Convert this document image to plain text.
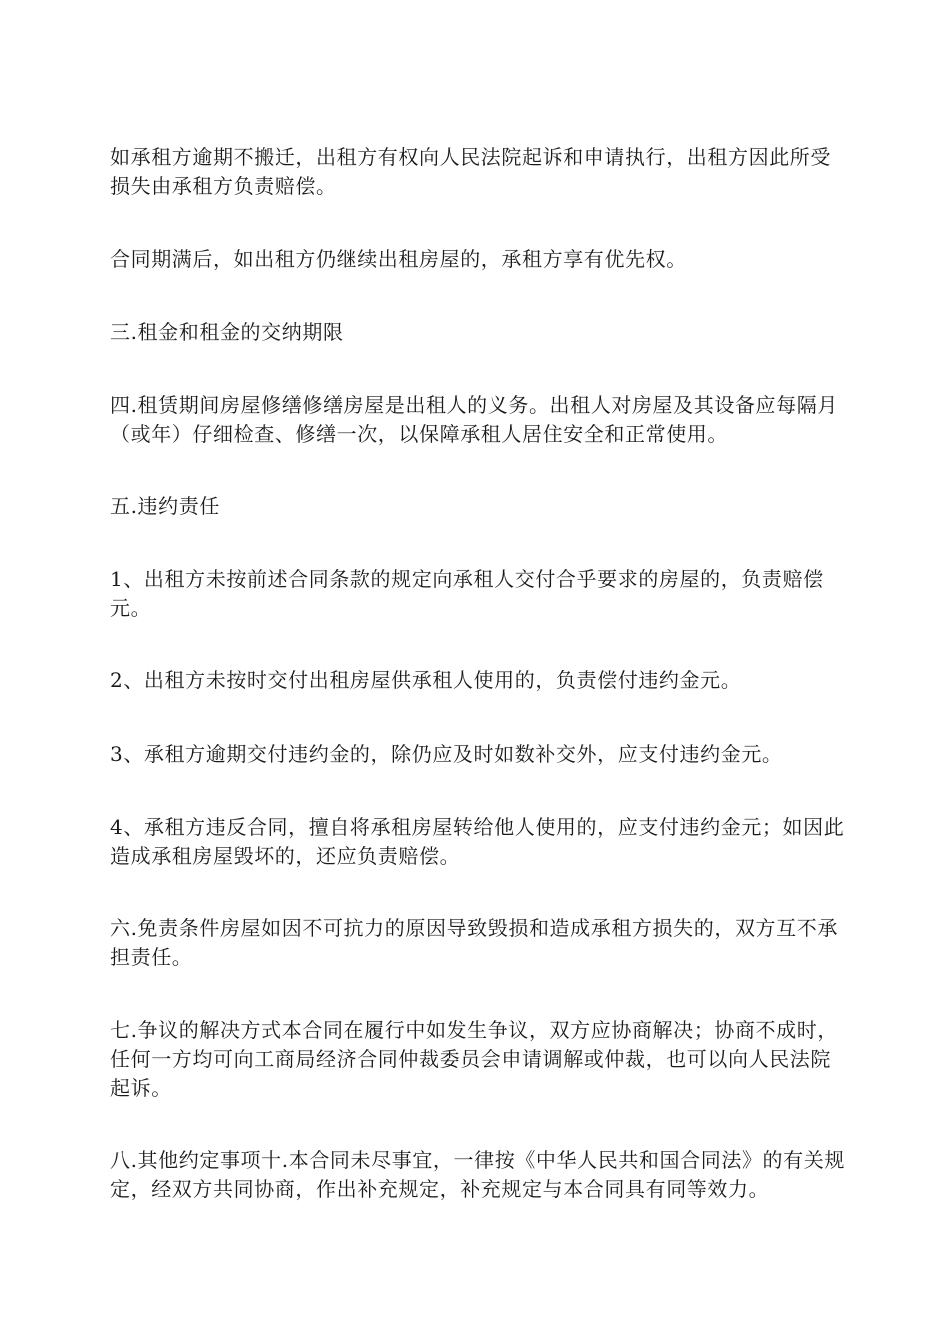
如承租方逾期不搬迁，出租方有权向人民法院起诉和申请执行，出租方因此所受损失由承租方负责赔偿。

合同期满后，如出租方仍继续出租房屋的，承租方享有优先权。

三.租金和租金的交纳期限

四.租赁期间房屋修缮修缮房屋是出租人的义务。出租人对房屋及其设备应每隔月（或年）仔细检查、修缮一次，以保障承租人居住安全和正常使用。

五.违约责任

1、出租方未按前述合同条款的规定向承租人交付合乎要求的房屋的，负责赔偿元。

2、出租方未按时交付出租房屋供承租人使用的，负责偿付违约金元。

3、承租方逾期交付违约金的，除仍应及时如数补交外，应支付违约金元。

4、承租方违反合同，擅自将承租房屋转给他人使用的，应支付违约金元；如因此造成承租房屋毁坏的，还应负责赔偿。

六.免责条件房屋如因不可抗力的原因导致毁损和造成承租方损失的，双方互不承担责任。

七.争议的解决方式本合同在履行中如发生争议，双方应协商解决；协商不成时，任何一方均可向工商局经济合同仲裁委员会申请调解或仲裁，也可以向人民法院起诉。

八.其他约定事项十.本合同未尽事宜，一律按《中华人民共和国合同法》的有关规定，经双方共同协商，作出补充规定，补充规定与本合同具有同等效力。
